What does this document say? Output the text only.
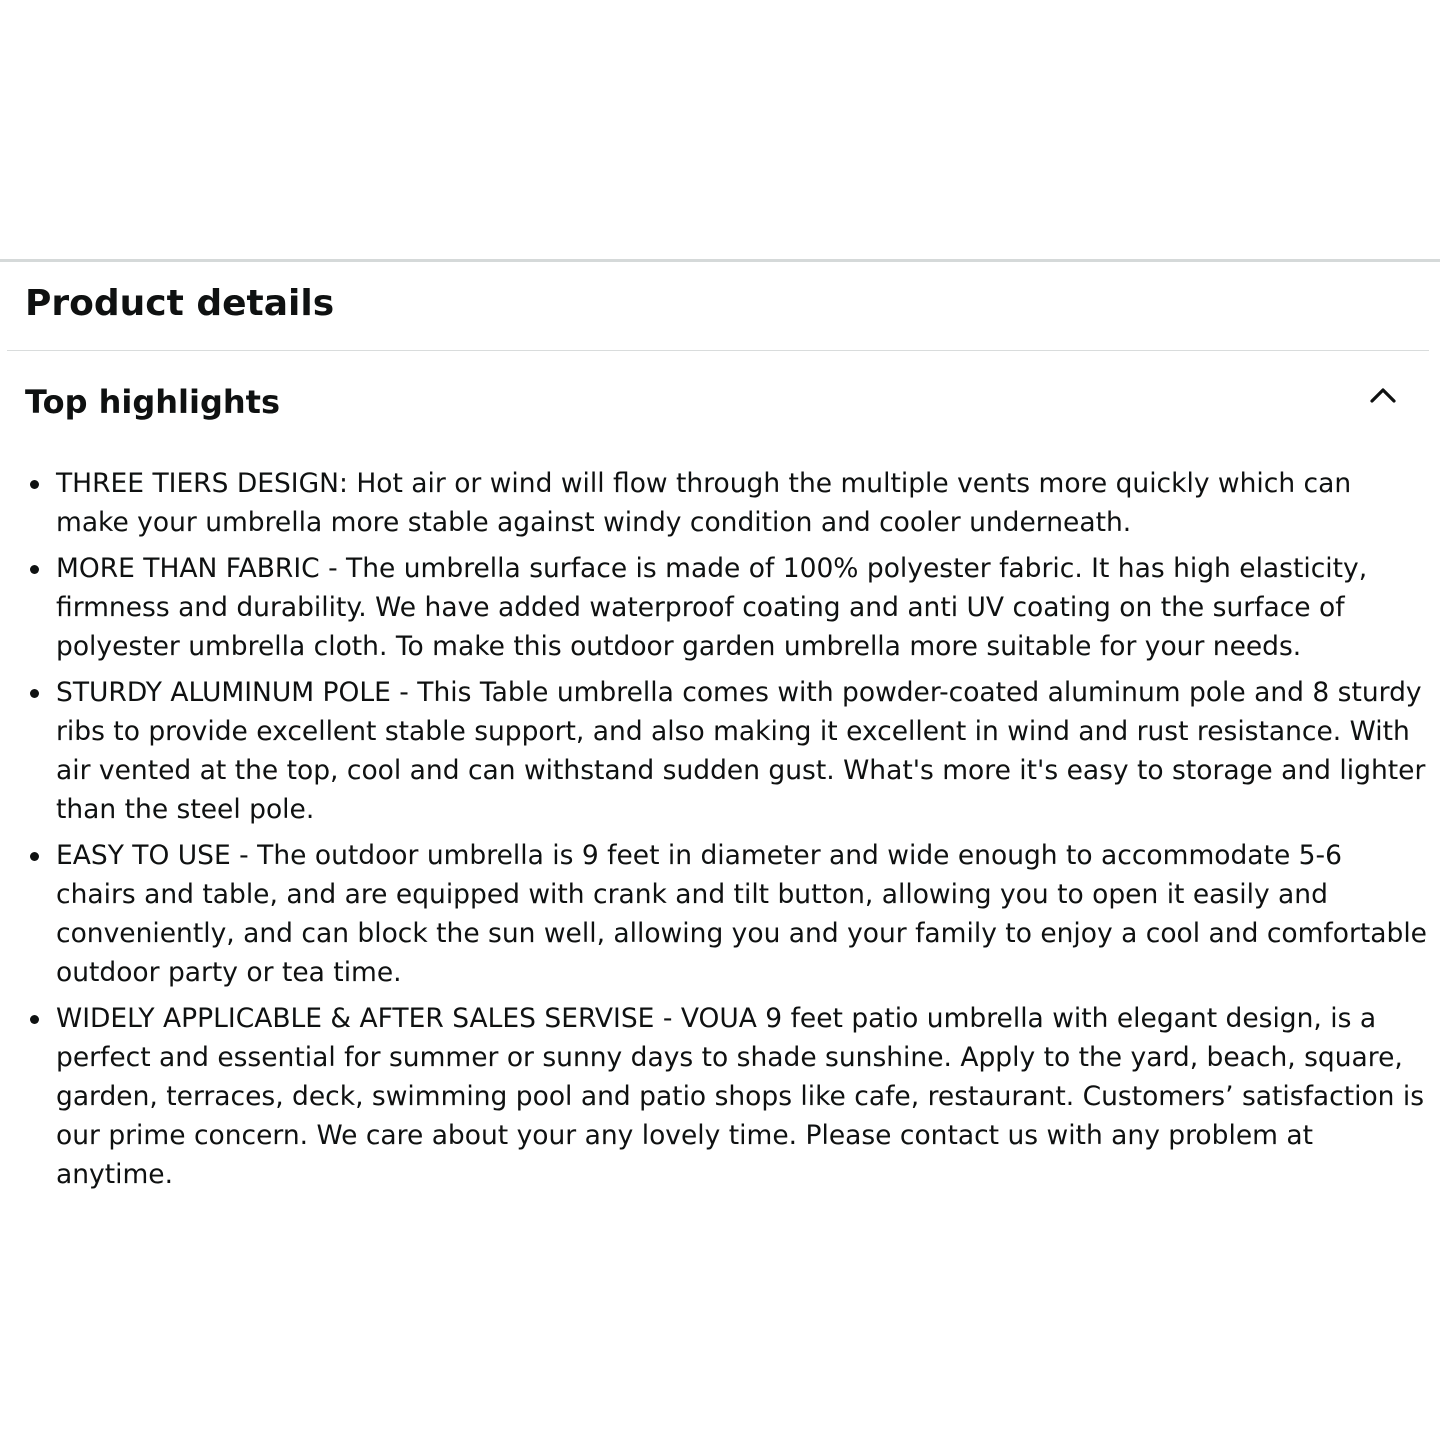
Product details
Top highlights
THREE TIERS DESIGN: Hot air or wind will flow through the multiple vents more quickly which can make your umbrella more stable against windy condition and cooler underneath.
MORE THAN FABRIC - The umbrella surface is made of 100% polyester fabric. It has high elasticity, firmness and durability. We have added waterproof coating and anti UV coating on the surface of polyester umbrella cloth. To make this outdoor garden umbrella more suitable for your needs.
STURDY ALUMINUM POLE - This Table umbrella comes with powder-coated aluminum pole and 8 sturdy ribs to provide excellent stable support, and also making it excellent in wind and rust resistance. With air vented at the top, cool and can withstand sudden gust. What's more it's easy to storage and lighter than the steel pole.
EASY TO USE - The outdoor umbrella is 9 feet in diameter and wide enough to accommodate 5-6 chairs and table, and are equipped with crank and tilt button, allowing you to open it easily and conveniently, and can block the sun well, allowing you and your family to enjoy a cool and comfortable outdoor party or tea time.
WIDELY APPLICABLE & AFTER SALES SERVISE - VOUA 9 feet patio umbrella with elegant design, is a perfect and essential for summer or sunny days to shade sunshine. Apply to the yard, beach, square, garden, terraces, deck, swimming pool and patio shops like cafe, restaurant. Customers’ satisfaction is our prime concern. We care about your any lovely time. Please contact us with any problem at anytime.
